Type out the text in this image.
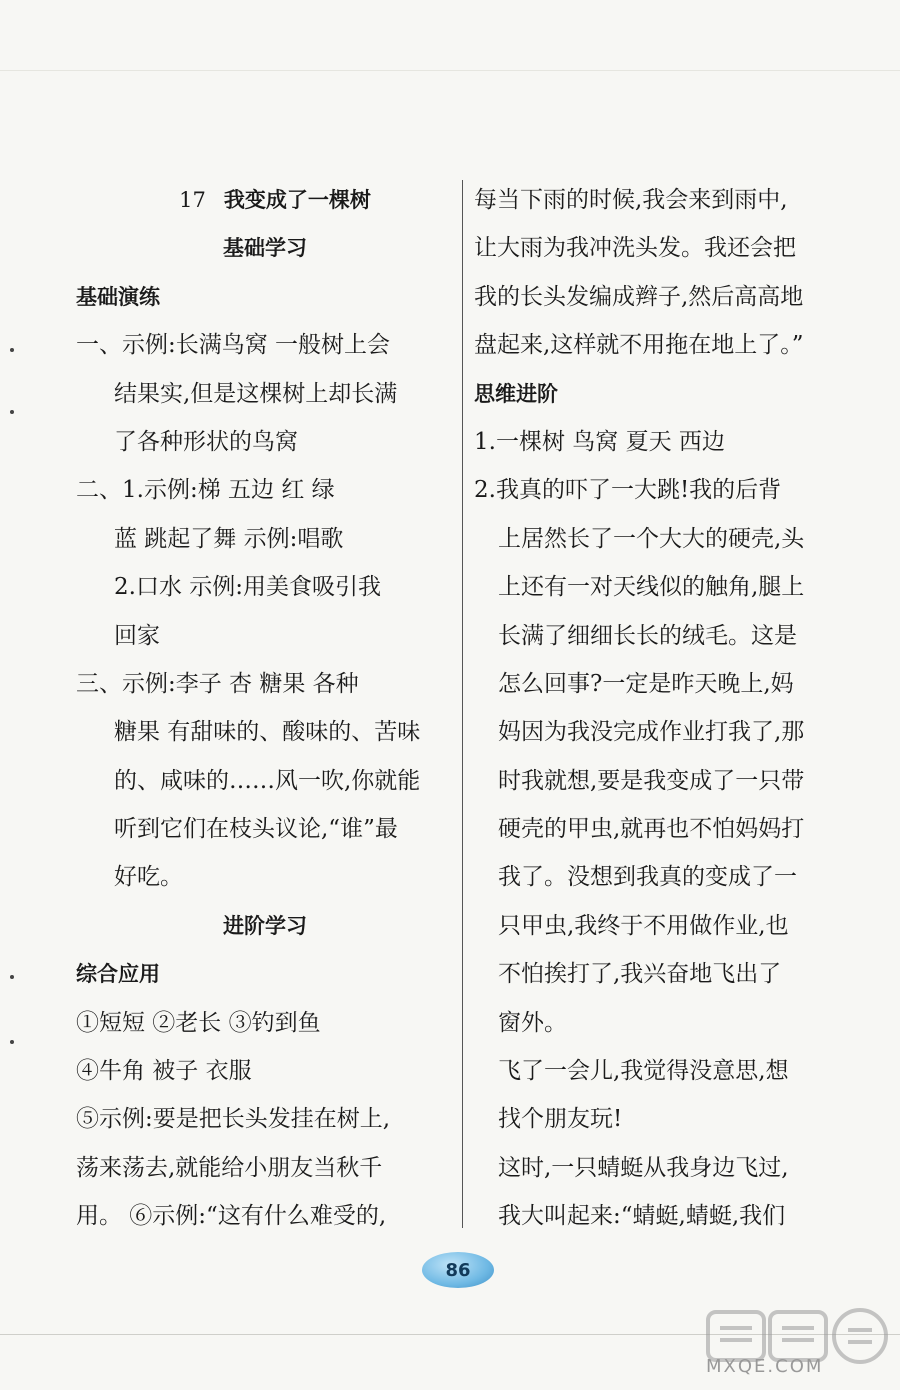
17 我变成了一棵树
基础学习
基础演练
一、示例:长满鸟窝 一般树上会
结果实,但是这棵树上却长满
了各种形状的鸟窝
二、1.示例:梯 五边 红 绿
蓝 跳起了舞 示例:唱歌
2.口水 示例:用美食吸引我
回家
三、示例:李子 杏 糖果 各种
糖果 有甜味的、酸味的、苦味
的、咸味的……风一吹,你就能
听到它们在枝头议论,“谁”最
好吃。
进阶学习
综合应用
①短短 ②老长 ③钓到鱼
④牛角 被子 衣服
⑤示例:要是把长头发挂在树上,
荡来荡去,就能给小朋友当秋千
用。 ⑥示例:“这有什么难受的,
每当下雨的时候,我会来到雨中,
让大雨为我冲洗头发。我还会把
我的长头发编成辫子,然后高高地
盘起来,这样就不用拖在地上了。”
思维进阶
1.一棵树 鸟窝 夏天 西边
2.我真的吓了一大跳!我的后背
上居然长了一个大大的硬壳,头
上还有一对天线似的触角,腿上
长满了细细长长的绒毛。这是
怎么回事?一定是昨天晚上,妈
妈因为我没完成作业打我了,那
时我就想,要是我变成了一只带
硬壳的甲虫,就再也不怕妈妈打
我了。没想到我真的变成了一
只甲虫,我终于不用做作业,也
不怕挨打了,我兴奋地飞出了
窗外。
飞了一会儿,我觉得没意思,想
找个朋友玩!
这时,一只蜻蜓从我身边飞过,
我大叫起来:“蜻蜓,蜻蜓,我们
86
MXQE.COM
